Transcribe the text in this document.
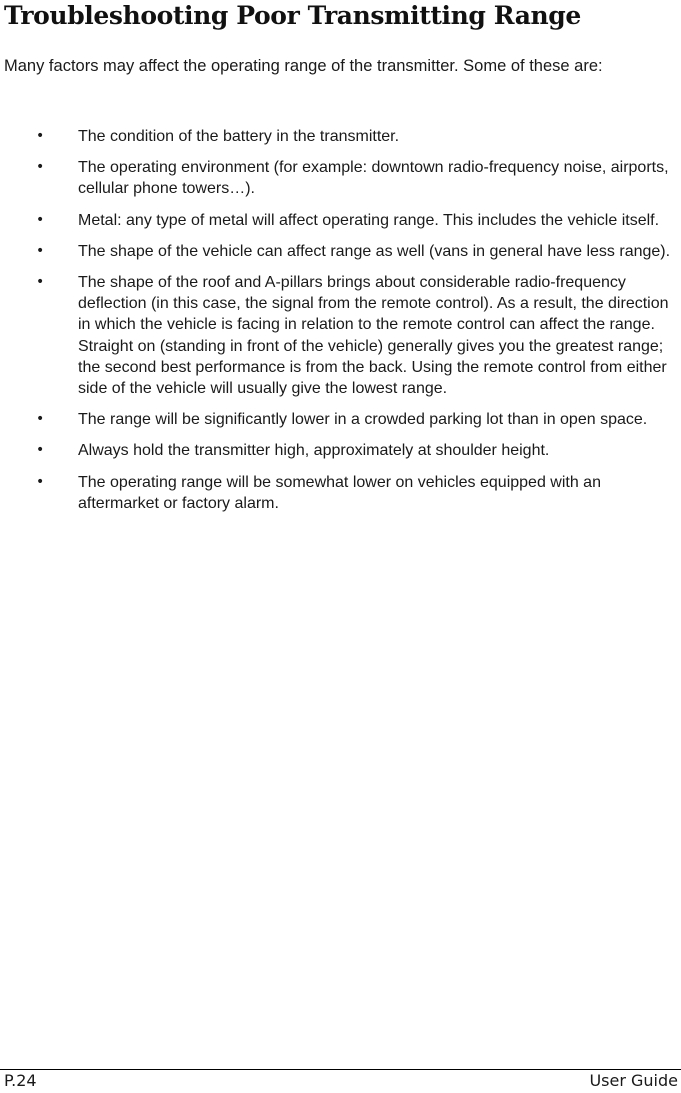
Troubleshooting Poor Transmitting Range

Many factors may affect the operating range of the transmitter. Some of these are:

• The condition of the battery in the transmitter.
• The operating environment (for example: downtown radio-frequency noise, airports, cellular phone towers…).
• Metal: any type of metal will affect operating range. This includes the vehicle itself.
• The shape of the vehicle can affect range as well (vans in general have less range).
• The shape of the roof and A-pillars brings about considerable radio-frequency deflection (in this case, the signal from the remote control). As a result, the direction in which the vehicle is facing in relation to the remote control can affect the range. Straight on (standing in front of the vehicle) generally gives you the greatest range; the second best performance is from the back. Using the remote control from either side of the vehicle will usually give the lowest range.
• The range will be significantly lower in a crowded parking lot than in open space.
• Always hold the transmitter high, approximately at shoulder height.
• The operating range will be somewhat lower on vehicles equipped with an aftermarket or factory alarm.
P.24	User Guide
